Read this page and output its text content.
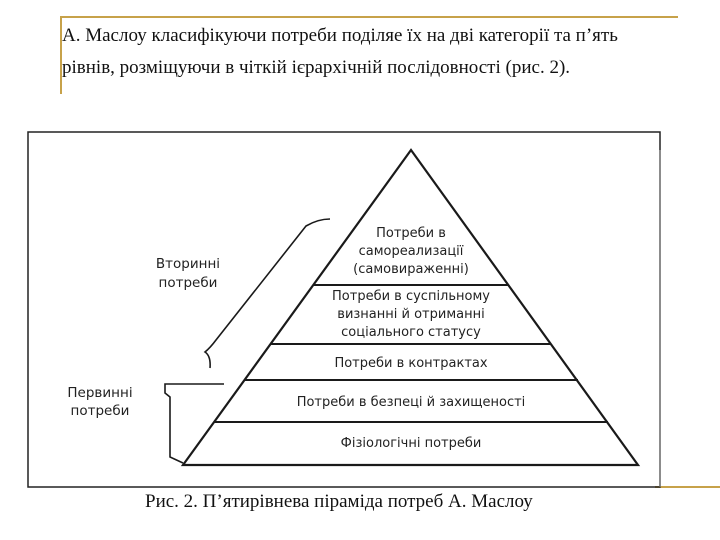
А. Маслоу класифікуючи потреби поділяе їх на дві категорії та п’ять рівнів, розміщуючи в чіткій ієрархічній послідовності (рис. 2).
Потреби в
самореализації
(самовираженні)
Потреби в суспільному
визнанні й отриманні
соціального статусу
Потреби в контрактах
Потреби в безпеці й захищеності
Фізіологічні потреби
Вторинні
потреби
Первинні
потреби
Рис. 2. П’ятирівнева піраміда потреб А. Маслоу
